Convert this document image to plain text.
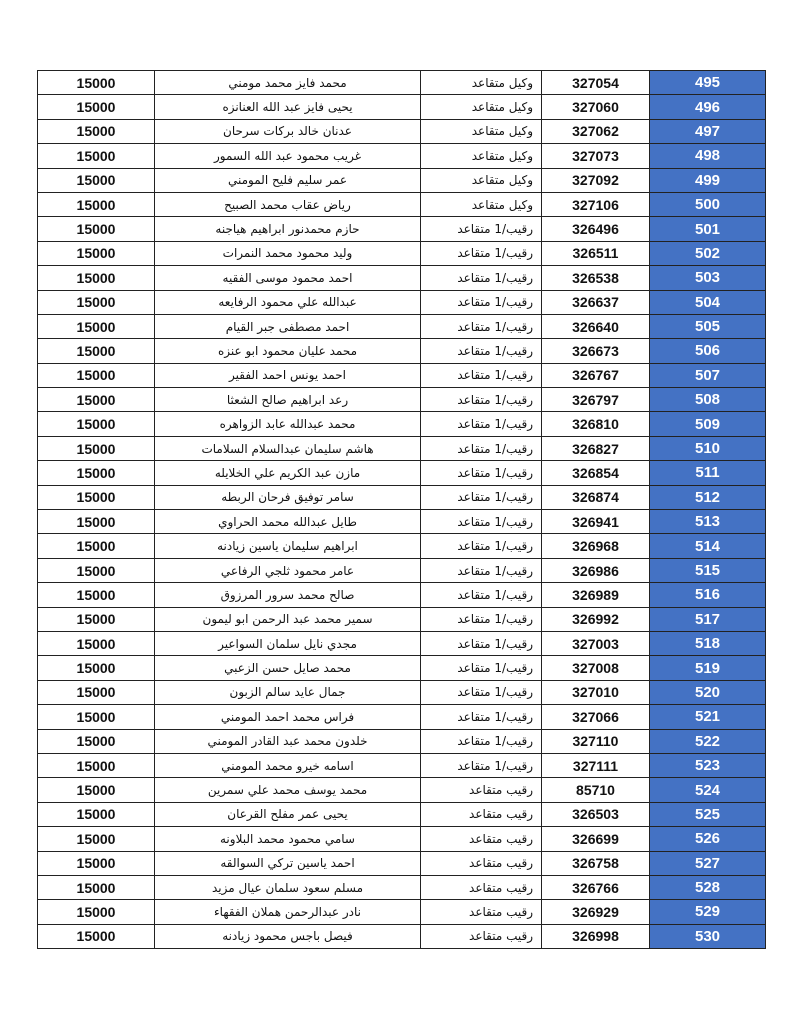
15000	محمد فايز محمد مومني	وكيل متقاعد	327054	495
15000	يحيى فايز عبد الله العنانزه	وكيل متقاعد	327060	496
15000	عدنان خالد بركات سرحان	وكيل متقاعد	327062	497
15000	غريب محمود عبد الله السمور	وكيل متقاعد	327073	498
15000	عمر سليم فليح المومني	وكيل متقاعد	327092	499
15000	رياض عقاب محمد الصبيح	وكيل متقاعد	327106	500
15000	حازم محمدنور ابراهيم هياجنه	رقيب/1 متقاعد	326496	501
15000	وليد محمود محمد النمرات	رقيب/1 متقاعد	326511	502
15000	احمد محمود موسى الفقيه	رقيب/1 متقاعد	326538	503
15000	عبدالله علي محمود الرفايعه	رقيب/1 متقاعد	326637	504
15000	احمد مصطفى جبر القيام	رقيب/1 متقاعد	326640	505
15000	محمد عليان محمود ابو عنزه	رقيب/1 متقاعد	326673	506
15000	احمد يونس احمد الفقير	رقيب/1 متقاعد	326767	507
15000	رعد ابراهيم صالح الشعثا	رقيب/1 متقاعد	326797	508
15000	محمد عبدالله عابد الزواهره	رقيب/1 متقاعد	326810	509
15000	هاشم سليمان عبدالسلام السلامات	رقيب/1 متقاعد	326827	510
15000	مازن عبد الكريم علي الخلايله	رقيب/1 متقاعد	326854	511
15000	سامر توفيق فرحان الربطه	رقيب/1 متقاعد	326874	512
15000	طايل عبدالله محمد الحراوي	رقيب/1 متقاعد	326941	513
15000	ابراهيم سليمان ياسين زيادنه	رقيب/1 متقاعد	326968	514
15000	عامر محمود ثلجي الرفاعي	رقيب/1 متقاعد	326986	515
15000	صالح محمد سرور المرزوق	رقيب/1 متقاعد	326989	516
15000	سمير محمد عبد الرحمن ابو ليمون	رقيب/1 متقاعد	326992	517
15000	مجدي نايل سلمان السواعير	رقيب/1 متقاعد	327003	518
15000	محمد صايل حسن الزعبي	رقيب/1 متقاعد	327008	519
15000	جمال عايد سالم الزبون	رقيب/1 متقاعد	327010	520
15000	فراس محمد احمد المومني	رقيب/1 متقاعد	327066	521
15000	خلدون محمد عبد القادر المومني	رقيب/1 متقاعد	327110	522
15000	اسامه خيرو محمد المومني	رقيب/1 متقاعد	327111	523
15000	محمد يوسف محمد علي سمرين	رقيب متقاعد	85710	524
15000	يحيى عمر مفلح القرعان	رقيب متقاعد	326503	525
15000	سامي محمود محمد البلاونه	رقيب متقاعد	326699	526
15000	احمد ياسين تركي السوالقه	رقيب متقاعد	326758	527
15000	مسلم سعود سلمان عيال مزيد	رقيب متقاعد	326766	528
15000	نادر عبدالرحمن هملان الفقهاء	رقيب متقاعد	326929	529
15000	فيصل باجس محمود زيادنه	رقيب متقاعد	326998	530
